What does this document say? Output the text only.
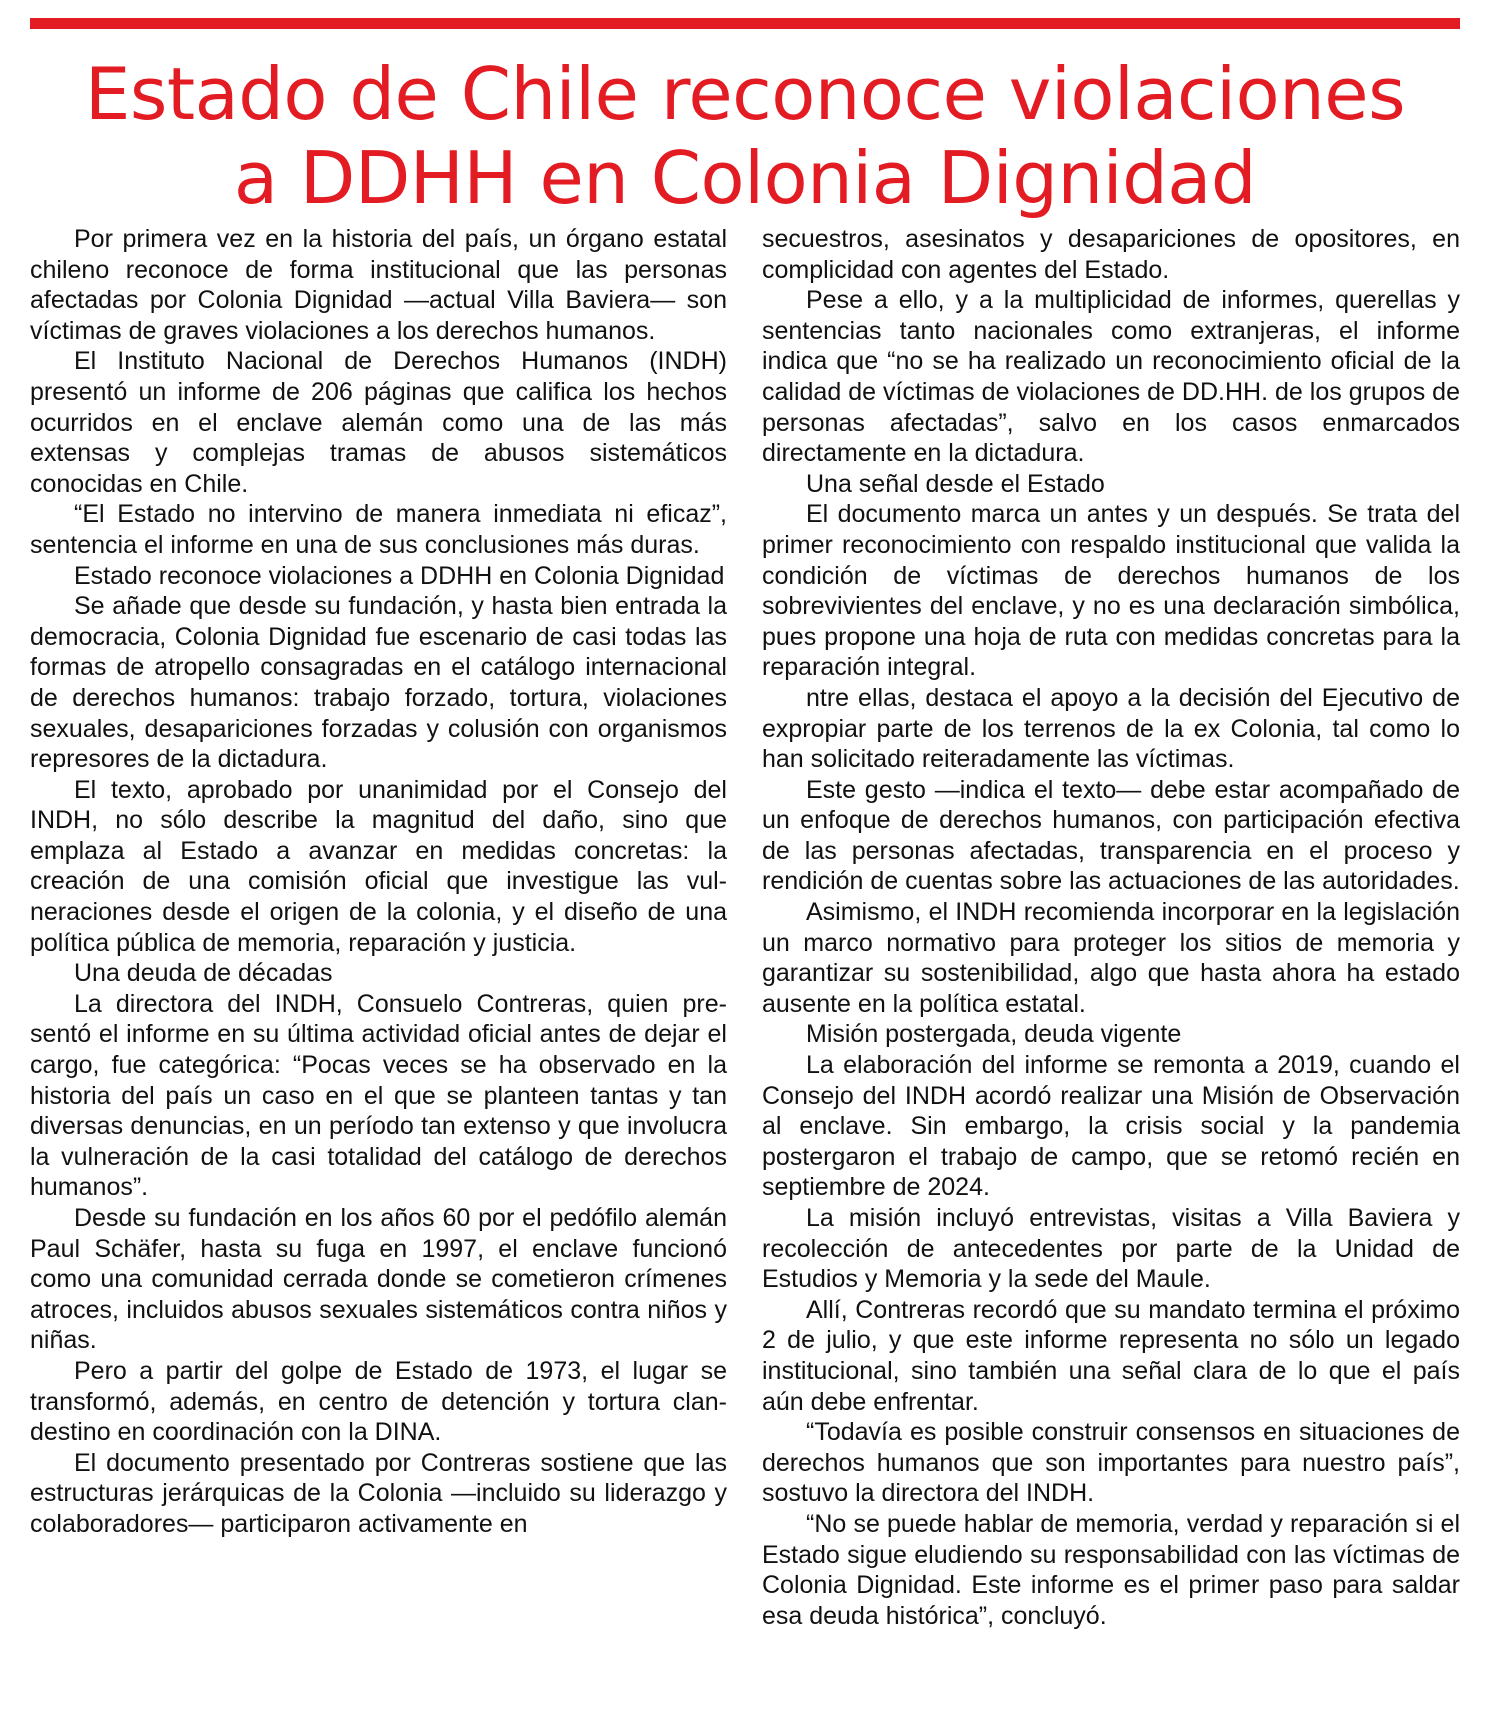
Estado de Chile reconoce violaciones
a DDHH en Colonia Dignidad

Por primera vez en la historia del país, un órgano estatal chileno reconoce de forma institucional que las personas afectadas por Colonia Dignidad —actual Villa Baviera— son víctimas de graves violaciones a los derechos humanos.

El Instituto Nacional de Derechos Humanos (INDH) presentó un informe de 206 páginas que califica los hechos ocurridos en el enclave alemán como una de las más extensas y complejas tramas de abusos sistemáticos conocidas en Chile.

“El Estado no intervino de manera inmediata ni eficaz”, sentencia el informe en una de sus conclusiones más duras.

Estado reconoce violaciones a DDHH en Colonia Dignidad

Se añade que desde su fundación, y hasta bien entrada la democracia, Colonia Dignidad fue escenario de casi todas las formas de atropello consagradas en el catálogo internacional de derechos humanos: trabajo forzado, tortura, violaciones sexuales, desapariciones forzadas y colusión con organismos represores de la dictadura.

El texto, aprobado por unanimidad por el Consejo del INDH, no sólo describe la magnitud del daño, sino que emplaza al Estado a avanzar en medidas concretas: la creación de una comisión oficial que investigue las vulneraciones desde el origen de la colonia, y el diseño de una política pública de memoria, reparación y justicia.

Una deuda de décadas

La directora del INDH, Consuelo Contreras, quien presentó el informe en su última actividad oficial antes de dejar el cargo, fue categórica: “Pocas veces se ha observado en la historia del país un caso en el que se planteen tantas y tan diversas denuncias, en un período tan extenso y que involucra la vulneración de la casi totalidad del catálogo de derechos humanos”.

Desde su fundación en los años 60 por el pedófilo alemán Paul Schäfer, hasta su fuga en 1997, el enclave funcionó como una comunidad cerrada donde se cometieron crímenes atroces, incluidos abusos sexuales sistemáticos contra niños y niñas.

Pero a partir del golpe de Estado de 1973, el lugar se transformó, además, en centro de detención y tortura clandestino en coordinación con la DINA.

El documento presentado por Contreras sostiene que las estructuras jerárquicas de la Colonia —incluido su liderazgo y colaboradores— participaron activamente en

secuestros, asesinatos y desapariciones de opositores, en complicidad con agentes del Estado.

Pese a ello, y a la multiplicidad de informes, querellas y sentencias tanto nacionales como extranjeras, el informe indica que “no se ha realizado un reconocimiento oficial de la calidad de víctimas de violaciones de DD.HH. de los grupos de personas afectadas”, salvo en los casos enmarcados directamente en la dictadura.

Una señal desde el Estado

El documento marca un antes y un después. Se trata del primer reconocimiento con respaldo institucional que valida la condición de víctimas de derechos humanos de los sobrevivientes del enclave, y no es una declaración simbólica, pues propone una hoja de ruta con medidas concretas para la reparación integral.

ntre ellas, destaca el apoyo a la decisión del Ejecutivo de expropiar parte de los terrenos de la ex Colonia, tal como lo han solicitado reiteradamente las víctimas.

Este gesto —indica el texto— debe estar acompañado de un enfoque de derechos humanos, con participación efectiva de las personas afectadas, transparencia en el proceso y rendición de cuentas sobre las actuaciones de las autoridades.

Asimismo, el INDH recomienda incorporar en la legislación un marco normativo para proteger los sitios de memoria y garantizar su sostenibilidad, algo que hasta ahora ha estado ausente en la política estatal.

Misión postergada, deuda vigente

La elaboración del informe se remonta a 2019, cuando el Consejo del INDH acordó realizar una Misión de Observación al enclave. Sin embargo, la crisis social y la pandemia postergaron el trabajo de campo, que se retomó recién en septiembre de 2024.

La misión incluyó entrevistas, visitas a Villa Baviera y recolección de antecedentes por parte de la Unidad de Estudios y Memoria y la sede del Maule.

Allí, Contreras recordó que su mandato termina el próximo 2 de julio, y que este informe representa no sólo un legado institucional, sino también una señal clara de lo que el país aún debe enfrentar.

“Todavía es posible construir consensos en situaciones de derechos humanos que son importantes para nuestro país”, sostuvo la directora del INDH.

“No se puede hablar de memoria, verdad y reparación si el Estado sigue eludiendo su responsabilidad con las víctimas de Colonia Dignidad. Este informe es el primer paso para saldar esa deuda histórica”, concluyó.
